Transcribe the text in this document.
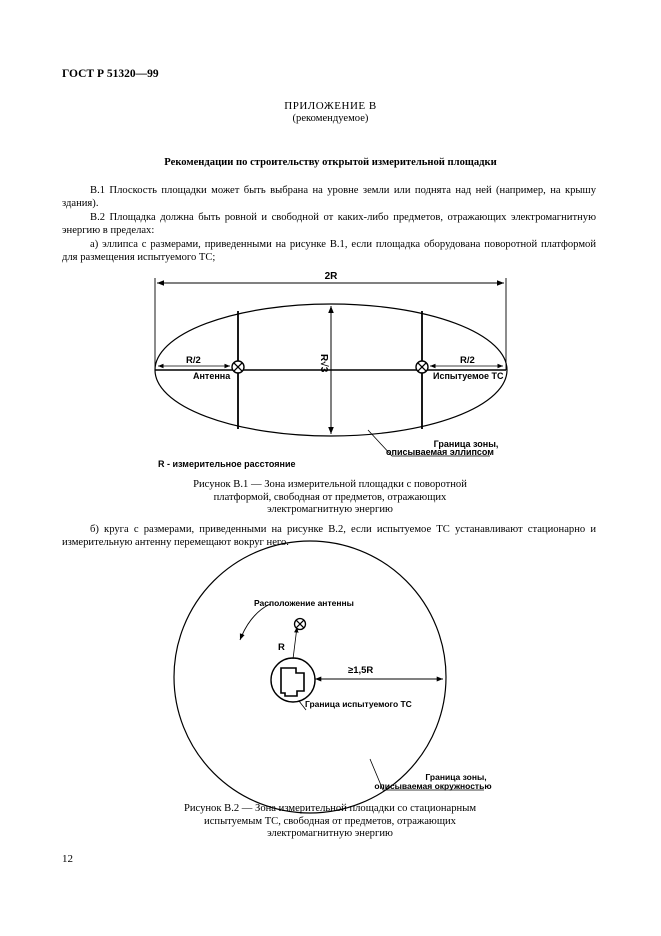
ГОСТ Р 51320—99
ПРИЛОЖЕНИЕ В
(рекомендуемое)
Рекомендации по строительству открытой измерительной площадки
В.1 Плоскость площадки может быть выбрана на уровне земли или поднята над ней (например, на крышу здания).
В.2 Площадка должна быть ровной и свободной от каких-либо предметов, отражающих электромагнитную энергию в пределах:
а) эллипса с размерами, приведенными на рисунке В.1, если площадка оборудована поворотной платформой для размещения испытуемого ТС;
2R
R√3
R/2	R/2
Антенна	Испытуемое ТС
Граница зоны,
описываемая эллипсом
R - измерительное расстояние
R
Расположение антенны
≥1,5R
Граница испытуемого ТС
Граница зоны,
описываемая окружностью
Рисунок В.1 — Зона измерительной площадки с поворотной
платформой, свободная от предметов, отражающих
электромагнитную энергию
б) круга с размерами, приведенными на рисунке В.2, если испытуемое ТС устанавливают стационарно и измерительную антенну перемещают вокруг него.
Рисунок В.2 — Зона измерительной площадки со стационарным
испытуемым ТС, свободная от предметов, отражающих
электромагнитную энергию
12
